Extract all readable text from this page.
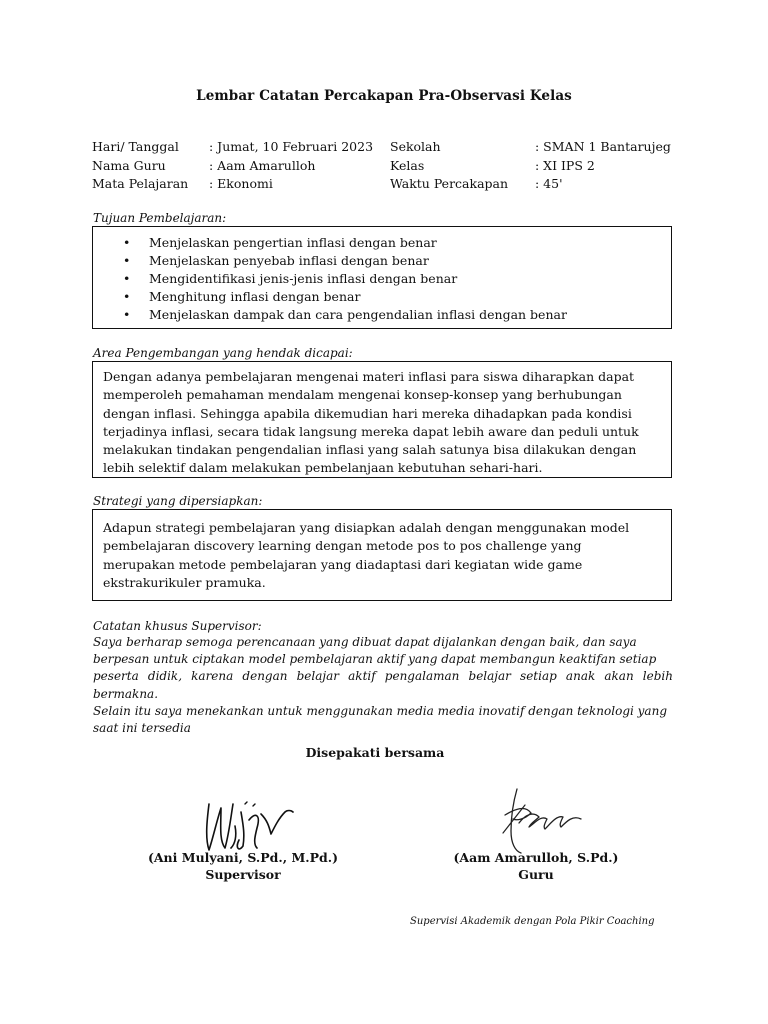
Lembar Catatan Percakapan Pra-Observasi Kelas
Hari/ Tanggal : Jumat, 10 Februari 2023 Sekolah	: SMAN 1 Bantarujeg
Nama Guru	: Aam Amarulloh	Kelas	: XI IPS 2
Mata Pelajaran : Ekonomi	Waktu Percakapan : 45'
Tujuan Pembelajaran:
• Menjelaskan pengertian inflasi dengan benar
• Menjelaskan penyebab inflasi dengan benar
• Mengidentifikasi jenis-jenis inflasi dengan benar
• Menghitung inflasi dengan benar
• Menjelaskan dampak dan cara pengendalian inflasi dengan benar
Area Pengembangan yang hendak dicapai:
Dengan adanya pembelajaran mengenai materi inflasi para siswa diharapkan dapat
memperoleh pemahaman mendalam mengenai konsep-konsep yang berhubungan
dengan inflasi. Sehingga apabila dikemudian hari mereka dihadapkan pada kondisi
terjadinya inflasi, secara tidak langsung mereka dapat lebih aware dan peduli untuk
melakukan tindakan pengendalian inflasi yang salah satunya bisa dilakukan dengan
lebih selektif dalam melakukan pembelanjaan kebutuhan sehari-hari.
Strategi yang dipersiapkan:
Adapun strategi pembelajaran yang disiapkan adalah dengan menggunakan model
pembelajaran discovery learning dengan metode pos to pos challenge yang
merupakan metode pembelajaran yang diadaptasi dari kegiatan wide game
ekstrakurikuler pramuka.
Catatan khusus Supervisor:
Saya berharap semoga perencanaan yang dibuat dapat dijalankan dengan baik, dan saya
berpesan untuk ciptakan model pembelajaran aktif yang dapat membangun keaktifan setiap
peserta didik, karena dengan belajar aktif pengalaman belajar setiap anak akan lebih bermakna.
Selain itu saya menekankan untuk menggunakan media media inovatif dengan teknologi yang
saat ini tersedia
Disepakati bersama
(Ani Mulyani, S.Pd., M.Pd.)
Supervisor
(Aam Amarulloh, S.Pd.)
Guru
Supervisi Akademik dengan Pola Pikir Coaching
